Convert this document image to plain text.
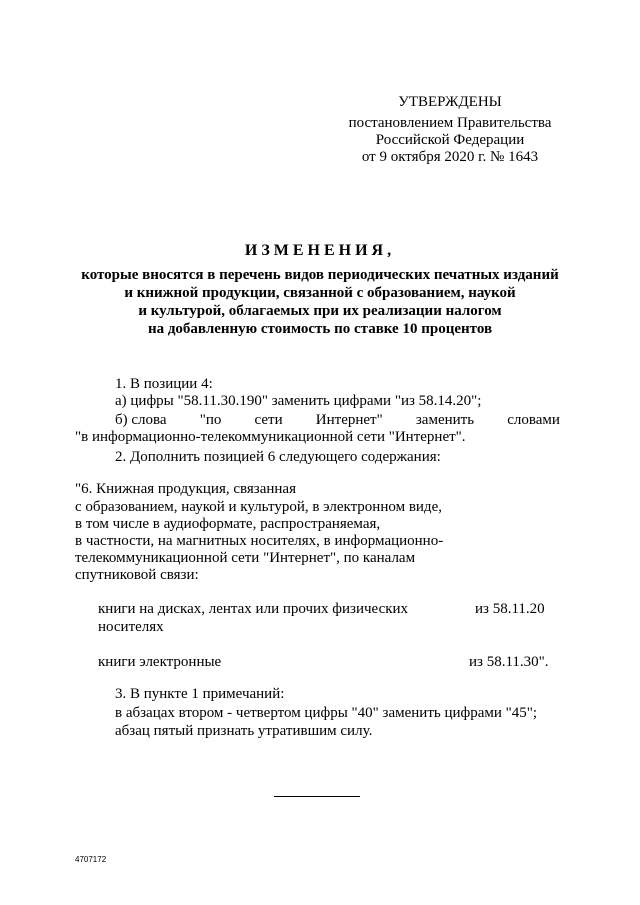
УТВЕРЖДЕНЫ
постановлением Правительства
Российской Федерации
от 9 октября 2020 г. № 1643
ИЗМЕНЕНИЯ,
которые вносятся в перечень видов периодических печатных изданий
и книжной продукции, связанной с образованием, наукой
и культурой, облагаемых при их реализации налогом
на добавленную стоимость по ставке 10 процентов
1. В позиции 4:
а) цифры "58.11.30.190" заменить цифрами "из 58.14.20";
б) слова "по сети Интернет" заменить словами
"в информационно-телекоммуникационной сети "Интернет".
2. Дополнить позицией 6 следующего содержания:
"6. Книжная продукция, связанная
с образованием, наукой и культурой, в электронном виде,
в том числе в аудиоформате, распространяемая,
в частности, на магнитных носителях, в информационно-
телекоммуникационной сети "Интернет", по каналам
спутниковой связи:
книги на дисках, лентах или прочих физических
носителях
из 58.11.20
книги электронные	из 58.11.30".
3. В пункте 1 примечаний:
в абзацах втором - четвертом цифры "40" заменить цифрами "45";
абзац пятый признать утратившим силу.
4707172
